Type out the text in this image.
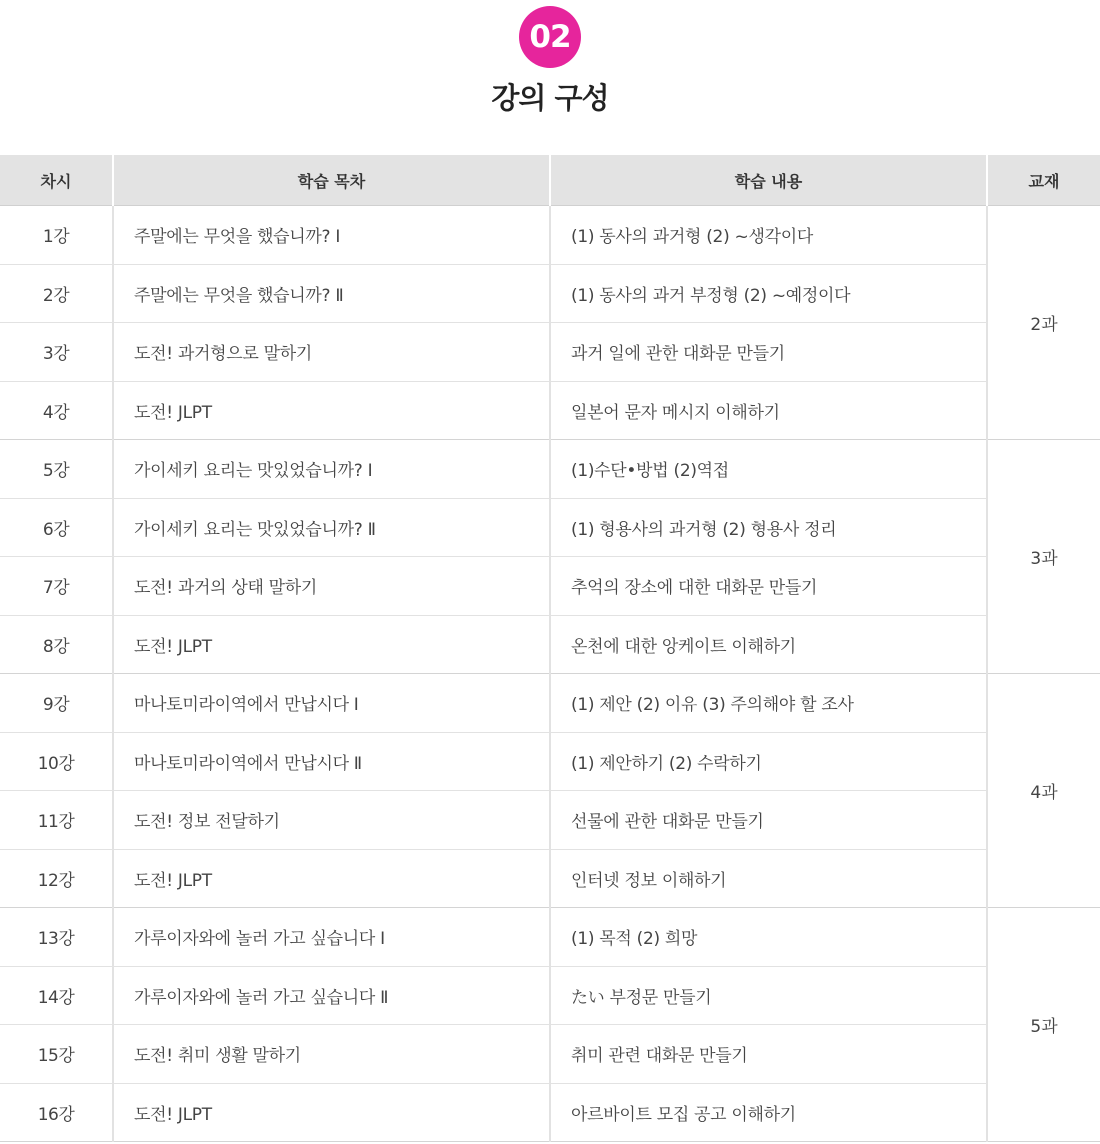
02
강의 구성
차시	학습 목차	학습 내용	교재
1강	주말에는 무엇을 했습니까? Ⅰ	(1) 동사의 과거형 (2) ~생각이다	2과
2강	주말에는 무엇을 했습니까? Ⅱ	(1) 동사의 과거 부정형 (2) ~예정이다	
3강	도전! 과거형으로 말하기	과거 일에 관한 대화문 만들기	
4강	도전! JLPT	일본어 문자 메시지 이해하기	
5강	가이세키 요리는 맛있었습니까? Ⅰ	(1)수단•방법 (2)역접	3과
6강	가이세키 요리는 맛있었습니까? Ⅱ	(1) 형용사의 과거형 (2) 형용사 정리	
7강	도전! 과거의 상태 말하기	추억의 장소에 대한 대화문 만들기	
8강	도전! JLPT	온천에 대한 앙케이트 이해하기	
9강	마나토미라이역에서 만납시다 Ⅰ	(1) 제안 (2) 이유 (3) 주의해야 할 조사	4과
10강	마나토미라이역에서 만납시다 Ⅱ	(1) 제안하기 (2) 수락하기	
11강	도전! 정보 전달하기	선물에 관한 대화문 만들기	
12강	도전! JLPT	인터넷 정보 이해하기	
13강	가루이자와에 놀러 가고 싶습니다 Ⅰ	(1) 목적 (2) 희망	5과
14강	가루이자와에 놀러 가고 싶습니다 Ⅱ	たい 부정문 만들기	
15강	도전! 취미 생활 말하기	취미 관련 대화문 만들기	
16강	도전! JLPT	아르바이트 모집 공고 이해하기	
